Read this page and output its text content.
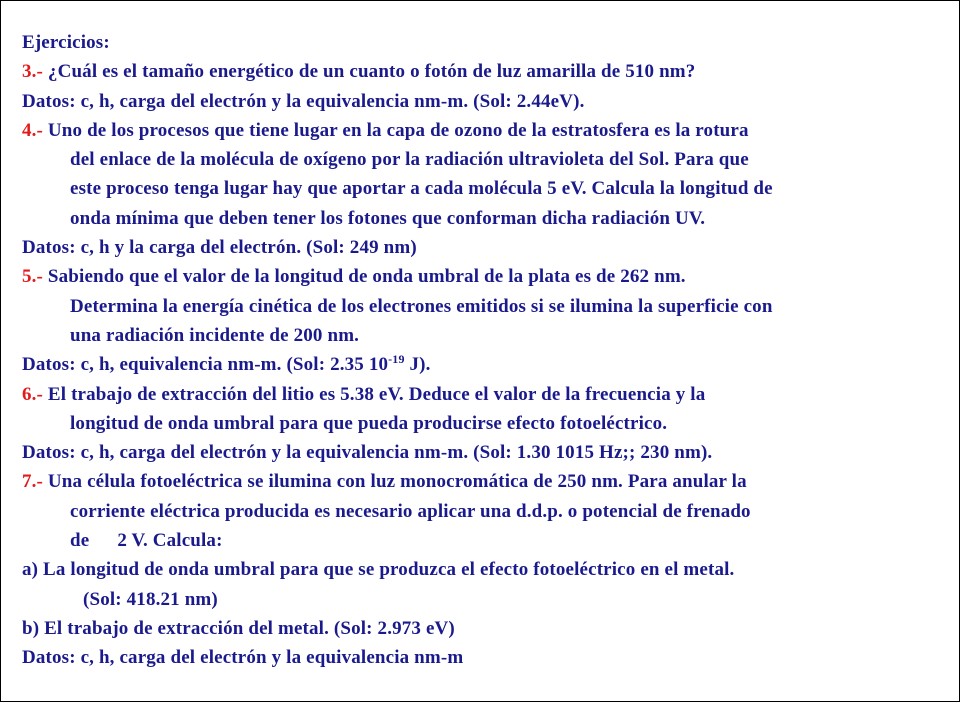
Ejercicios:
3.- ¿Cuál es el tamaño energético de un cuanto o fotón de luz amarilla de 510 nm?
Datos: c, h, carga del electrón y la equivalencia nm-m. (Sol: 2.44eV).
4.- Uno de los procesos que tiene lugar en la capa de ozono de la estratosfera es la rotura
del enlace de la molécula de oxígeno por la radiación ultravioleta del Sol. Para que
este proceso tenga lugar hay que aportar a cada molécula 5 eV. Calcula la longitud de
onda mínima que deben tener los fotones que conforman dicha radiación UV.
Datos: c, h y la carga del electrón. (Sol: 249 nm)
5.- Sabiendo que el valor de la longitud de onda umbral de la plata es de 262 nm.
Determina la energía cinética de los electrones emitidos si se ilumina la superficie con
una radiación incidente de 200 nm.
Datos: c, h, equivalencia nm-m. (Sol: 2.35 $10^{-19}$ J).
6.- El trabajo de extracción del litio es 5.38 eV. Deduce el valor de la frecuencia y la
longitud de onda umbral para que pueda producirse efecto fotoeléctrico.
Datos: c, h, carga del electrón y la equivalencia nm-m. (Sol: 1.30 1015 Hz;; 230 nm).
7.- Una célula fotoeléctrica se ilumina con luz monocromática de 250 nm. Para anular la
corriente eléctrica producida es necesario aplicar una d.d.p. o potencial de frenado
de 2 V. Calcula:
a) La longitud de onda umbral para que se produzca el efecto fotoeléctrico en el metal.
(Sol: 418.21 nm)
b) El trabajo de extracción del metal. (Sol: 2.973 eV)
Datos: c, h, carga del electrón y la equivalencia nm-m
